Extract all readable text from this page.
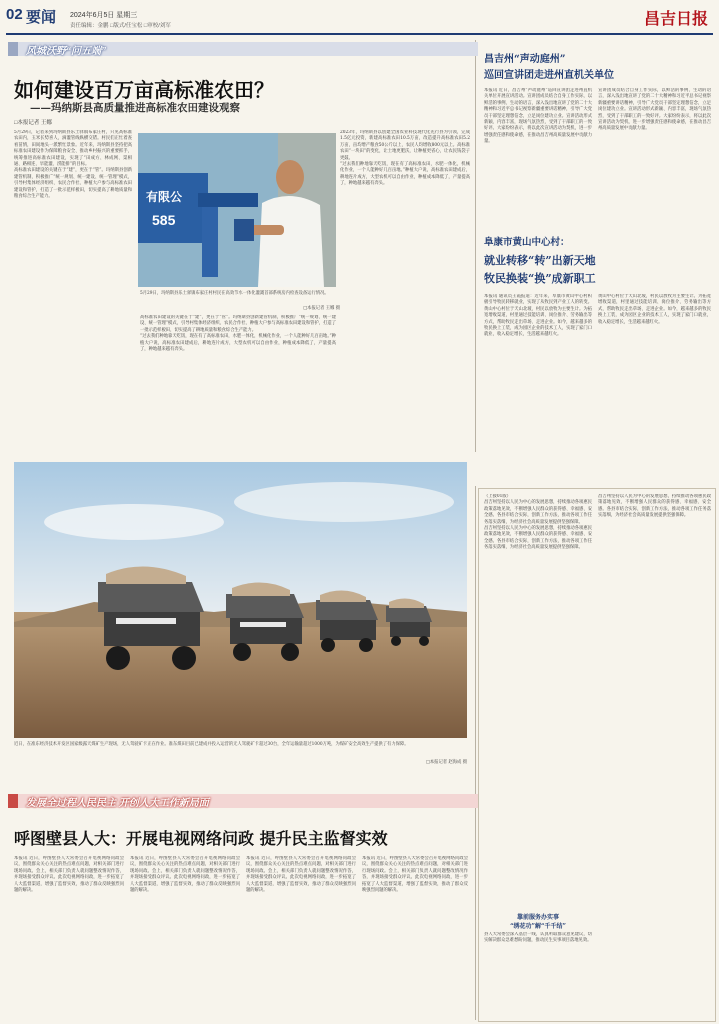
02 要闻 2024年6月5日 星期三
责任编辑：金鹏 □版式/任宝松 □审校/刘军	昌吉日报
风城沃野“问五端”
如何建设百万亩高标准农田？
——玛纳斯县高质量推进高标准农田建设观察
□本报记者 王娜
5月29日，记者来到玛纳斯县乐土驿镇布家庄村，只见高标准农田内，玉米长势喜人，滴灌管线纵横交错。村民们正忙着查看苗情，田间地头一派繁忙景象。近年来，玛纳斯县坚持把高标准农田建设作为保障粮食安全、推动乡村振兴的重要抓手，统筹推进高标准农田建设，实现了“田成方、林成网、渠相通、路相连、旱能灌、涝能排”的目标。
高标准农田建设的关键在于“建”，更在于“管”。玛纳斯县创新建管机制，积极推广“统一规划、统一建设、统一管理”模式，引导村集体经济组织、农民合作社、种植大户参与高标准农田建设和管护，打造了一批示范样板田，切实提高了耕地质量和粮食综合生产能力。	有限公
585
5月29日，玛纳斯县乐土驿镇布家庄村村民在高效节水一体化灌溉首部系统房内检查设备运行情况。
□本报记者 王娜 摄
2023年，玛纳斯县以创建全国农业科技现代化先行县为引领，完成1.5亿元投资，新建高标准农田10.5万亩，改造提升高标准农田5.2万亩，亩均增产粮食50公斤以上，农民人均增收800元以上。高标准农田“一块田”的变化，让土地更肥沃，让种植更省心，让农民钱袋子更鼓。
“过去我们种地靠天吃饭，现在有了高标准农田，水肥一体化，机械化作业，一个人能种好几百亩地。”种植大户说，高标准农田建成后，耕地连片成方，大型农机可以自由作业，种植成本降低了，产量提高了，种地越来越有奔头。
高标准农田建设的关键在于“建”，更在于“管”。玛纳斯县创新建管机制，积极推广“统一规划、统一建设、统一管理”模式，引导村集体经济组织、农民合作社、种植大户参与高标准农田建设和管护，打造了一批示范样板田，切实提高了耕地质量和粮食综合生产能力。
“过去我们种地靠天吃饭，现在有了高标准农田，水肥一体化，机械化作业，一个人能种好几百亩地。”种植大户说，高标准农田建成后，耕地连片成方，大型农机可以自由作业，种植成本降低了，产量提高了，种地越来越有奔头。
近日，在准东经济技术开发区国家级露天煤矿生产现场，无人驾驶矿卡正在作业。准东煤田目前已建成并投入运营的无人驾驶矿卡超过30台，全年运输量超过1000万吨，为煤矿安全高效生产提供了有力保障。
□本报记者 赵海成 摄
发展全过程人民民主 开创人大工作新局面
呼图壁县人大：开展电视网络问政 提升民主监督实效
本报讯 近日，呼图壁县人大常委会召开电视网络问政会议，围绕群众关心关注的热点难点问题，对相关部门进行现场问政。会上，相关部门负责人就问题整改情况作答，并现场接受群众评议。此次电视网络问政，进一步拓宽了人大监督渠道，增强了监督实效，推动了群众反映强烈问题的解决。
本报讯 近日，呼图壁县人大常委会召开电视网络问政会议，围绕群众关心关注的热点难点问题，对相关部门进行现场问政。会上，相关部门负责人就问题整改情况作答，并现场接受群众评议。此次电视网络问政，进一步拓宽了人大监督渠道，增强了监督实效，推动了群众反映强烈问题的解决。
本报讯 近日，呼图壁县人大常委会召开电视网络问政会议，围绕群众关心关注的热点难点问题，对相关部门进行现场问政。会上，相关部门负责人就问题整改情况作答，并现场接受群众评议。此次电视网络问政，进一步拓宽了人大监督渠道，增强了监督实效，推动了群众反映强烈问题的解决。
本报讯 近日，呼图壁县人大常委会召开电视网络问政会议，围绕群众关心关注的热点难点问题，对相关部门进行现场问政。会上，相关部门负责人就问题整改情况作答，并现场接受群众评议。此次电视网络问政，进一步拓宽了人大监督渠道，增强了监督实效，推动了群众反映强烈问题的解决。
昌吉州“声动庭州”
巡回宣讲团走进州直机关单位
本报讯 近日，昌吉州“声动庭州”巡回宣讲团走进州直机关单位开展宣讲活动。宣讲团成员结合自身工作实际，以鲜活的事例、生动的语言，深入浅出地宣讲了党的二十大精神和习近平总书记视察新疆重要讲话精神，引导广大党员干部坚定理想信念，立足岗位建功立业。宣讲活动形式新颖、内容丰富，现场气氛热烈，受到了干部职工的一致好评。大家纷纷表示，将以此次宣讲活动为契机，进一步增强责任感和使命感，在推动昌吉州高质量发展中贡献力量。
宣讲团成员结合自身工作实际，以鲜活的事例、生动的语言，深入浅出地宣讲了党的二十大精神和习近平总书记视察新疆重要讲话精神，引导广大党员干部坚定理想信念，立足岗位建功立业。宣讲活动形式新颖、内容丰富，现场气氛热烈，受到了干部职工的一致好评。大家纷纷表示，将以此次宣讲活动为契机，进一步增强责任感和使命感，在推动昌吉州高质量发展中贡献力量。
阜康市黄山中心村：
就业转移“转”出新天地
牧民换装“换”成新职工
本报讯 通讯员王霞报道：近年来，阜康市黄山中心村积极引导牧民转移就业，实现了从牧民到产业工人的转变。黄山中心村位于天山北坡，村民以放牧为主要生计。为拓宽增收渠道，村里通过技能培训、岗位推介、劳务输出等方式，帮助牧民走出草场、走进企业。如今，越来越多的牧民换上工装，成为园区企业的技术工人，实现了家门口就业，收入稳定增长，生活越来越红火。
黄山中心村位于天山北坡，村民以放牧为主要生计。为拓宽增收渠道，村里通过技能培训、岗位推介、劳务输出等方式，帮助牧民走出草场、走进企业。如今，越来越多的牧民换上工装，成为园区企业的技术工人，实现了家门口就业，收入稳定增长，生活越来越红火。
（上接01版）
昌吉州坚持以人民为中心的发展思想，持续推动各项惠民政策落地见效，不断增强人民群众的获得感、幸福感、安全感。各县市结合实际，创新工作方法，推动各项工作任务落实落细，为经济社会高质量发展提供坚强保障。
昌吉州坚持以人民为中心的发展思想，持续推动各项惠民政策落地见效，不断增强人民群众的获得感、幸福感、安全感。各县市结合实际，创新工作方法，推动各项工作任务落实落细，为经济社会高质量发展提供坚强保障。
昌吉州坚持以人民为中心的发展思想，持续推动各项惠民政策落地见效，不断增强人民群众的获得感、幸福感、安全感。各县市结合实际，创新工作方法，推动各项工作任务落实落细，为经济社会高质量发展提供坚强保障。
靠前服务办实事
“绣花功”解“千千结”
县人大常委会深入基层一线，认真听取群众意见建议，切实解决群众急难愁盼问题，推动民生实事项目落地见效。
